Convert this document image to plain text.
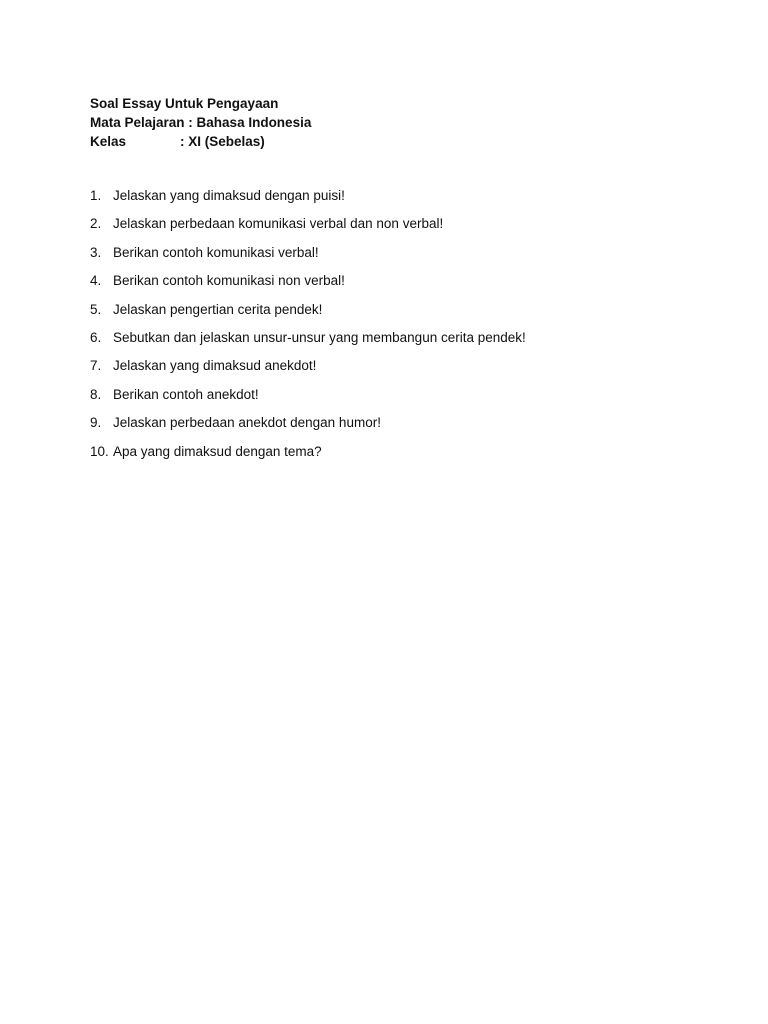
Soal Essay Untuk Pengayaan
Mata Pelajaran : Bahasa Indonesia
Kelas	: XI (Sebelas)
1. Jelaskan yang dimaksud dengan puisi!
2. Jelaskan perbedaan komunikasi verbal dan non verbal!
3. Berikan contoh komunikasi verbal!
4. Berikan contoh komunikasi non verbal!
5. Jelaskan pengertian cerita pendek!
6. Sebutkan dan jelaskan unsur-unsur yang membangun cerita pendek!
7. Jelaskan yang dimaksud anekdot!
8. Berikan contoh anekdot!
9. Jelaskan perbedaan anekdot dengan humor!
10. Apa yang dimaksud dengan tema?
